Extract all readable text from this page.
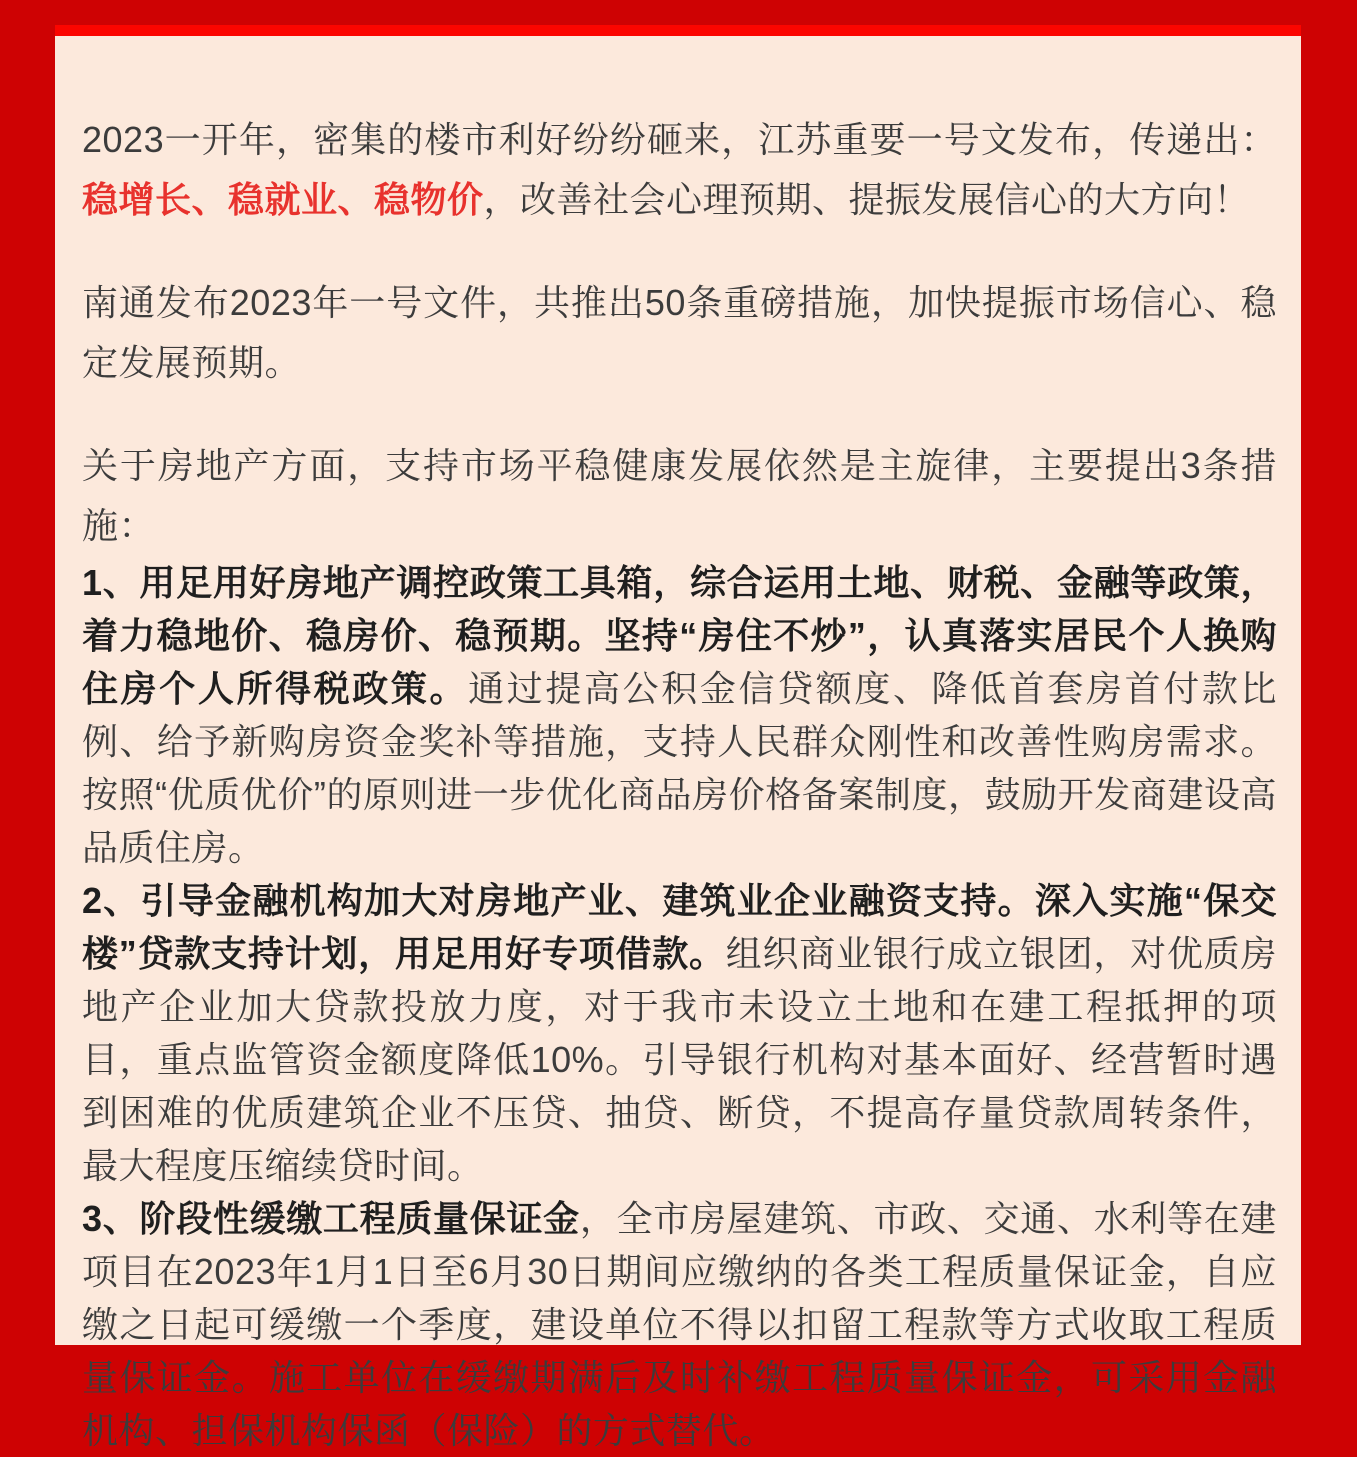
2023一开年，密集的楼市利好纷纷砸来，江苏重要一号文发布，传递出：稳增长、稳就业、稳物价，改善社会心理预期、提振发展信心的大方向！

南通发布2023年一号文件，共推出50条重磅措施，加快提振市场信心、稳定发展预期。

关于房地产方面，支持市场平稳健康发展依然是主旋律，主要提出3条措施：

1、用足用好房地产调控政策工具箱，综合运用土地、财税、金融等政策，着力稳地价、稳房价、稳预期。坚持“房住不炒”，认真落实居民个人换购住房个人所得税政策。通过提高公积金信贷额度、降低首套房首付款比例、给予新购房资金奖补等措施，支持人民群众刚性和改善性购房需求。按照“优质优价”的原则进一步优化商品房价格备案制度，鼓励开发商建设高品质住房。

2、引导金融机构加大对房地产业、建筑业企业融资支持。深入实施“保交楼”贷款支持计划，用足用好专项借款。组织商业银行成立银团，对优质房地产企业加大贷款投放力度，对于我市未设立土地和在建工程抵押的项目，重点监管资金额度降低10%。引导银行机构对基本面好、经营暂时遇到困难的优质建筑企业不压贷、抽贷、断贷，不提高存量贷款周转条件，最大程度压缩续贷时间。

3、阶段性缓缴工程质量保证金，全市房屋建筑、市政、交通、水利等在建项目在2023年1月1日至6月30日期间应缴纳的各类工程质量保证金，自应缴之日起可缓缴一个季度，建设单位不得以扣留工程款等方式收取工程质量保证金。施工单位在缓缴期满后及时补缴工程质量保证金，可采用金融机构、担保机构保函（保险）的方式替代。
